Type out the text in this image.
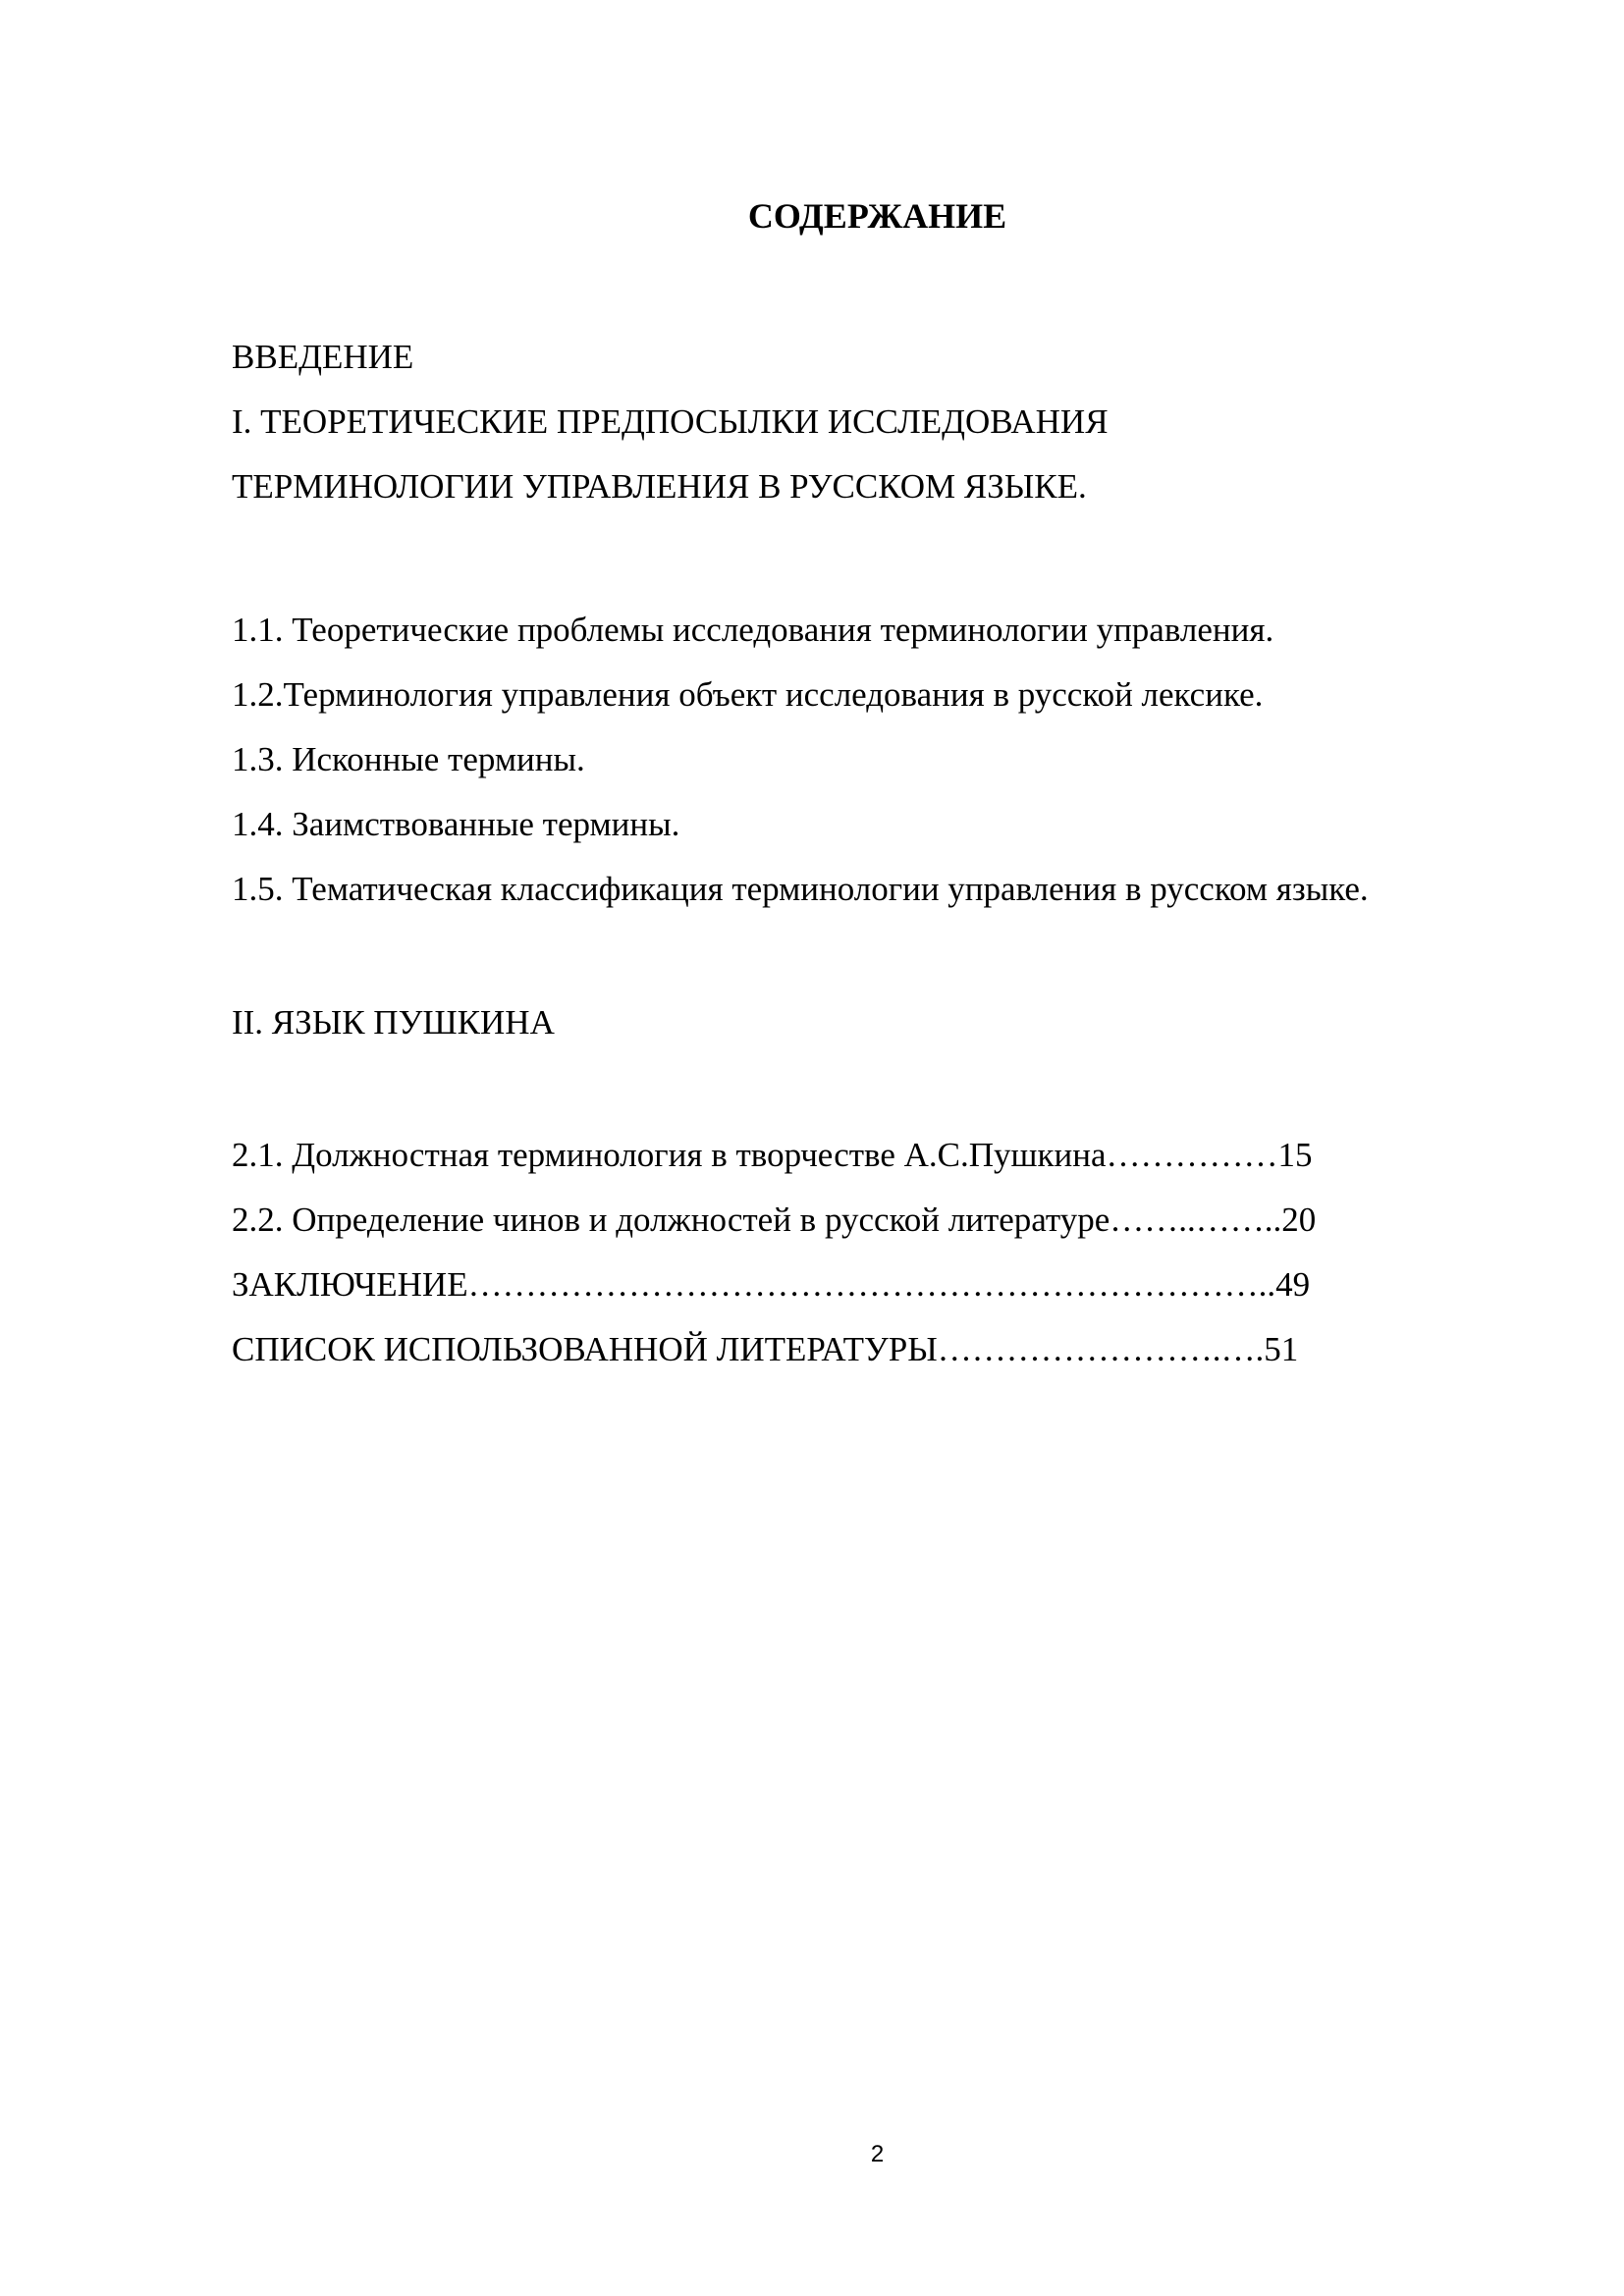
СОДЕРЖАНИЕ
ВВЕДЕНИЕ
I. ТЕОРЕТИЧЕСКИЕ ПРЕДПОСЫЛКИ ИССЛЕДОВАНИЯ
ТЕРМИНОЛОГИИ УПРАВЛЕНИЯ В РУССКОМ ЯЗЫКЕ.
1.1. Теоретические проблемы исследования терминологии управления.
1.2.Терминология управления объект исследования в русской лексике.
1.3. Исконные термины.
1.4. Заимствованные термины.
1.5. Тематическая классификация терминологии управления в русском языке.
II. ЯЗЫК ПУШКИНА
2.1. Должностная терминология в творчестве А.С.Пушкина……………15
2.2. Определение чинов и должностей в русской литературе……..……..20
ЗАКЛЮЧЕНИЕ……………………………………………………………..49
СПИСОК ИСПОЛЬЗОВАННОЙ ЛИТЕРАТУРЫ…………………….….51
2
